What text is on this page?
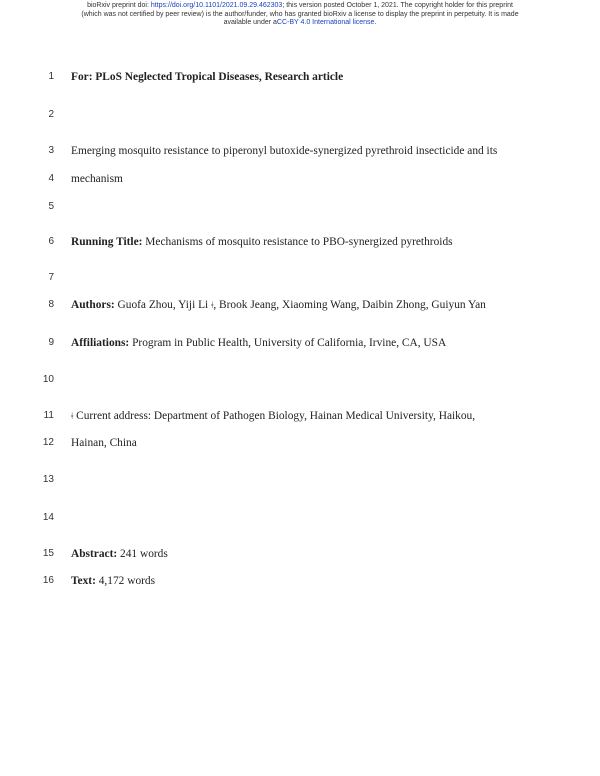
bioRxiv preprint doi: https://doi.org/10.1101/2021.09.29.462303; this version posted October 1, 2021. The copyright holder for this preprint
(which was not certified by peer review) is the author/funder, who has granted bioRxiv a license to display the preprint in perpetuity. It is made
available under aCC-BY 4.0 International license.
1 For: PLoS Neglected Tropical Diseases, Research article
2
3 Emerging mosquito resistance to piperonyl butoxide-synergized pyrethroid insecticide and its
4 mechanism
5
6 Running Title: Mechanisms of mosquito resistance to PBO-synergized pyrethroids
7
8 Authors: Guofa Zhou, Yiji Li ǂ, Brook Jeang, Xiaoming Wang, Daibin Zhong, Guiyun Yan
9 Affiliations: Program in Public Health, University of California, Irvine, CA, USA
10
11 ǂ Current address: Department of Pathogen Biology, Hainan Medical University, Haikou,
12 Hainan, China
13
14
15 Abstract: 241 words
16 Text: 4,172 words
